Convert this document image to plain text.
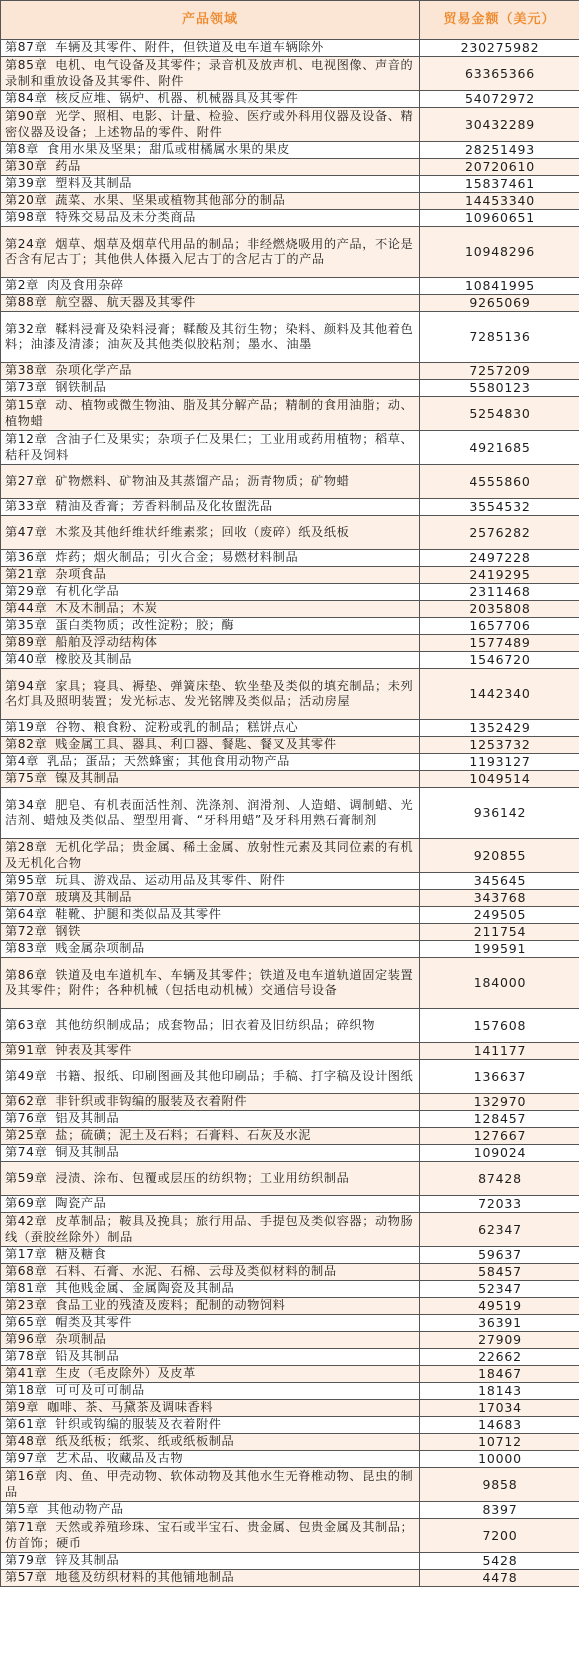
产品领域	贸易金额（美元）
第87章 车辆及其零件、附件，但铁道及电车道车辆除外	230275982
第85章 电机、电气设备及其零件；录音机及放声机、电视图像、声音的录制和重放设备及其零件、附件	63365366
第84章 核反应堆、锅炉、机器、机械器具及其零件	54072972
第90章 光学、照相、电影、计量、检验、医疗或外科用仪器及设备、精密仪器及设备；上述物品的零件、附件	30432289
第8章 食用水果及坚果；甜瓜或柑橘属水果的果皮	28251493
第30章 药品	20720610
第39章 塑料及其制品	15837461
第20章 蔬菜、水果、坚果或植物其他部分的制品	14453340
第98章 特殊交易品及未分类商品	10960651
第24章 烟草、烟草及烟草代用品的制品；非经燃烧吸用的产品，不论是否含有尼古丁；其他供人体摄入尼古丁的含尼古丁的产品	10948296
第2章 肉及食用杂碎	10841995
第88章 航空器、航天器及其零件	9265069
第32章 鞣料浸膏及染料浸膏；鞣酸及其衍生物；染料、颜料及其他着色料；油漆及清漆；油灰及其他类似胶粘剂；墨水、油墨	7285136
第38章 杂项化学产品	7257209
第73章 钢铁制品	5580123
第15章 动、植物或微生物油、脂及其分解产品；精制的食用油脂；动、植物蜡	5254830
第12章 含油子仁及果实；杂项子仁及果仁；工业用或药用植物；稻草、秸秆及饲料	4921685
第27章 矿物燃料、矿物油及其蒸馏产品；沥青物质；矿物蜡	4555860
第33章 精油及香膏；芳香料制品及化妆盥洗品	3554532
第47章 木浆及其他纤维状纤维素浆；回收（废碎）纸及纸板	2576282
第36章 炸药；烟火制品；引火合金；易燃材料制品	2497228
第21章 杂项食品	2419295
第29章 有机化学品	2311468
第44章 木及木制品；木炭	2035808
第35章 蛋白类物质；改性淀粉；胶；酶	1657706
第89章 船舶及浮动结构体	1577489
第40章 橡胶及其制品	1546720
第94章 家具；寝具、褥垫、弹簧床垫、软坐垫及类似的填充制品；未列名灯具及照明装置；发光标志、发光铭牌及类似品；活动房屋	1442340
第19章 谷物、粮食粉、淀粉或乳的制品；糕饼点心	1352429
第82章 贱金属工具、器具、利口器、餐匙、餐叉及其零件	1253732
第4章 乳品；蛋品；天然蜂蜜；其他食用动物产品	1193127
第75章 镍及其制品	1049514
第34章 肥皂、有机表面活性剂、洗涤剂、润滑剂、人造蜡、调制蜡、光洁剂、蜡烛及类似品、塑型用膏、“牙科用蜡”及牙科用熟石膏制剂	936142
第28章 无机化学品；贵金属、稀土金属、放射性元素及其同位素的有机及无机化合物	920855
第95章 玩具、游戏品、运动用品及其零件、附件	345645
第70章 玻璃及其制品	343768
第64章 鞋靴、护腿和类似品及其零件	249505
第72章 钢铁	211754
第83章 贱金属杂项制品	199591
第86章 铁道及电车道机车、车辆及其零件；铁道及电车道轨道固定装置及其零件；附件；各种机械（包括电动机械）交通信号设备	184000
第63章 其他纺织制成品；成套物品；旧衣着及旧纺织品；碎织物	157608
第91章 钟表及其零件	141177
第49章 书籍、报纸、印刷图画及其他印刷品；手稿、打字稿及设计图纸	136637
第62章 非针织或非钩编的服装及衣着附件	132970
第76章 铝及其制品	128457
第25章 盐；硫磺；泥土及石料；石膏料、石灰及水泥	127667
第74章 铜及其制品	109024
第59章 浸渍、涂布、包覆或层压的纺织物；工业用纺织制品	87428
第69章 陶瓷产品	72033
第42章 皮革制品；鞍具及挽具；旅行用品、手提包及类似容器；动物肠线（蚕胶丝除外）制品	62347
第17章 糖及糖食	59637
第68章 石料、石膏、水泥、石棉、云母及类似材料的制品	58457
第81章 其他贱金属、金属陶瓷及其制品	52347
第23章 食品工业的残渣及废料；配制的动物饲料	49519
第65章 帽类及其零件	36391
第96章 杂项制品	27909
第78章 铅及其制品	22662
第41章 生皮（毛皮除外）及皮革	18467
第18章 可可及可可制品	18143
第9章 咖啡、茶、马黛茶及调味香料	17034
第61章 针织或钩编的服装及衣着附件	14683
第48章 纸及纸板；纸浆、纸或纸板制品	10712
第97章 艺术品、收藏品及古物	10000
第16章 肉、鱼、甲壳动物、软体动物及其他水生无脊椎动物、昆虫的制品	9858
第5章 其他动物产品	8397
第71章 天然或养殖珍珠、宝石或半宝石、贵金属、包贵金属及其制品；仿首饰；硬币	7200
第79章 锌及其制品	5428
第57章 地毯及纺织材料的其他铺地制品	4478
